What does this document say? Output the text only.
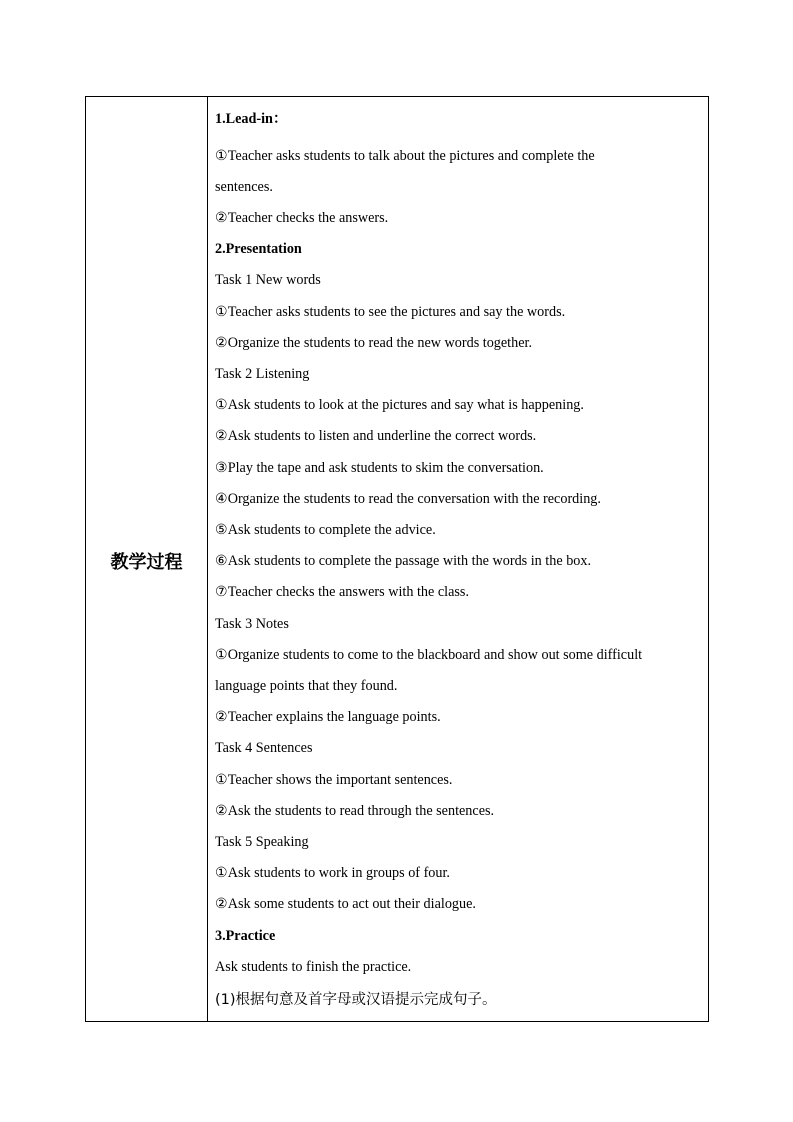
教学过程
1.Lead-in：
①Teacher asks students to talk about the pictures and complete the
sentences.
②Teacher checks the answers.
2.Presentation
Task 1 New words
①Teacher asks students to see the pictures and say the words.
②Organize the students to read the new words together.
Task 2 Listening
①Ask students to look at the pictures and say what is happening.
②Ask students to listen and underline the correct words.
③Play the tape and ask students to skim the conversation.
④Organize the students to read the conversation with the recording.
⑤Ask students to complete the advice.
⑥Ask students to complete the passage with the words in the box.
⑦Teacher checks the answers with the class.
Task 3 Notes
①Organize students to come to the blackboard and show out some difficult
language points that they found.
②Teacher explains the language points.
Task 4 Sentences
①Teacher shows the important sentences.
②Ask the students to read through the sentences.
Task 5 Speaking
①Ask students to work in groups of four.
②Ask some students to act out their dialogue.
3.Practice
Ask students to finish the practice.
(1)根据句意及首字母或汉语提示完成句子。
